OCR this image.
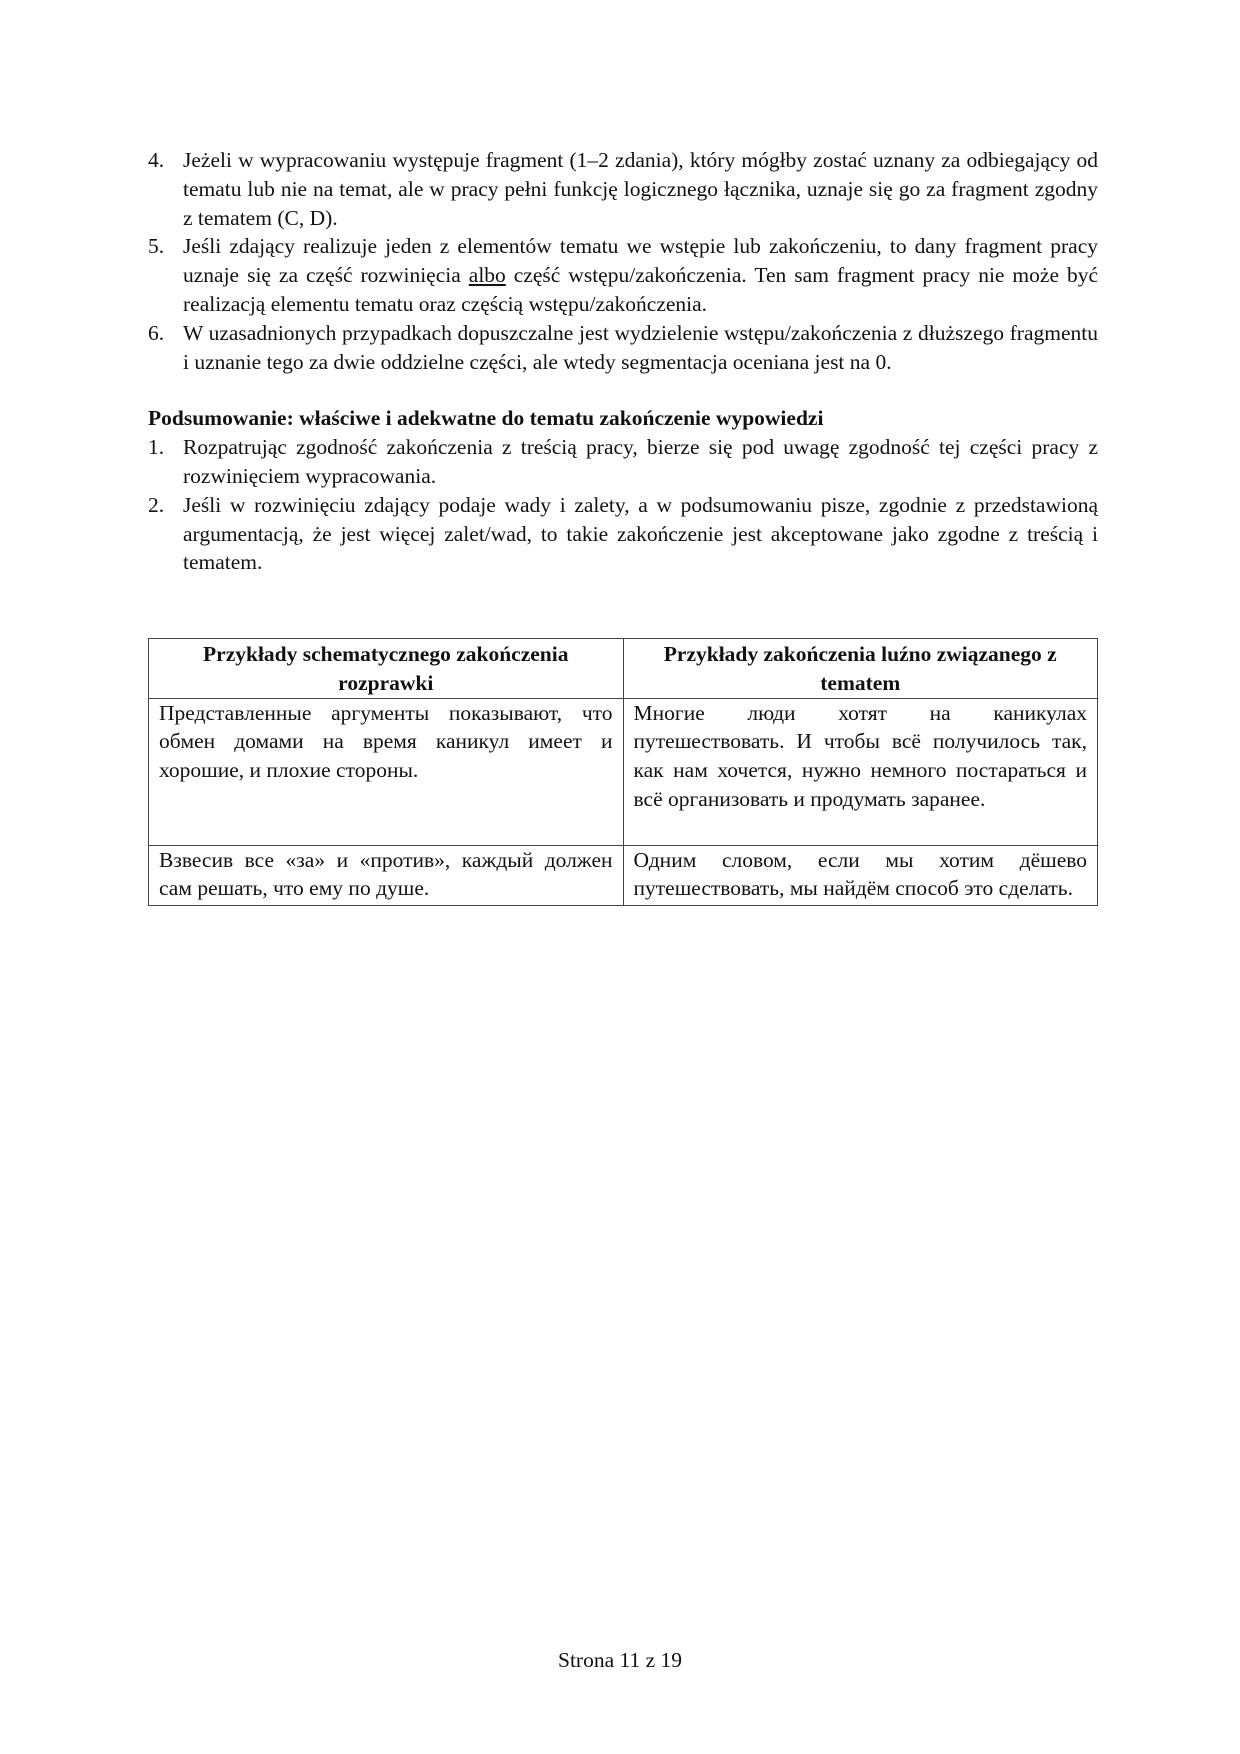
4. Jeżeli w wypracowaniu występuje fragment (1–2 zdania), który mógłby zostać uznany za odbiegający od tematu lub nie na temat, ale w pracy pełni funkcję logicznego łącznika, uznaje się go za fragment zgodny z tematem (C, D).
5. Jeśli zdający realizuje jeden z elementów tematu we wstępie lub zakończeniu, to dany fragment pracy uznaje się za część rozwinięcia albo część wstępu/zakończenia. Ten sam fragment pracy nie może być realizacją elementu tematu oraz częścią wstępu/zakończenia.
6. W uzasadnionych przypadkach dopuszczalne jest wydzielenie wstępu/zakończenia z dłuższego fragmentu i uznanie tego za dwie oddzielne części, ale wtedy segmentacja oceniana jest na 0.
Podsumowanie: właściwe i adekwatne do tematu zakończenie wypowiedzi
1. Rozpatrując zgodność zakończenia z treścią pracy, bierze się pod uwagę zgodność tej części pracy z rozwinięciem wypracowania.
2. Jeśli w rozwinięciu zdający podaje wady i zalety, a w podsumowaniu pisze, zgodnie z przedstawioną argumentacją, że jest więcej zalet/wad, to takie zakończenie jest akceptowane jako zgodne z treścią i tematem.
Przykłady schematycznego zakończenia rozprawki	Przykłady zakończenia luźno związanego z tematem
Представленные аргументы показывают, что обмен домами на время каникул имеет и хорошие, и плохие стороны.	Многие люди хотят на каникулах путешествовать. И чтобы всё получилось так, как нам хочется, нужно немного постараться и всё организовать и продумать заранее.
Взвесив все «за» и «против», каждый должен сам решать, что ему по душе.	Одним словом, если мы хотим дёшево путешествовать, мы найдём способ это сделать.
Strona 11 z 19
